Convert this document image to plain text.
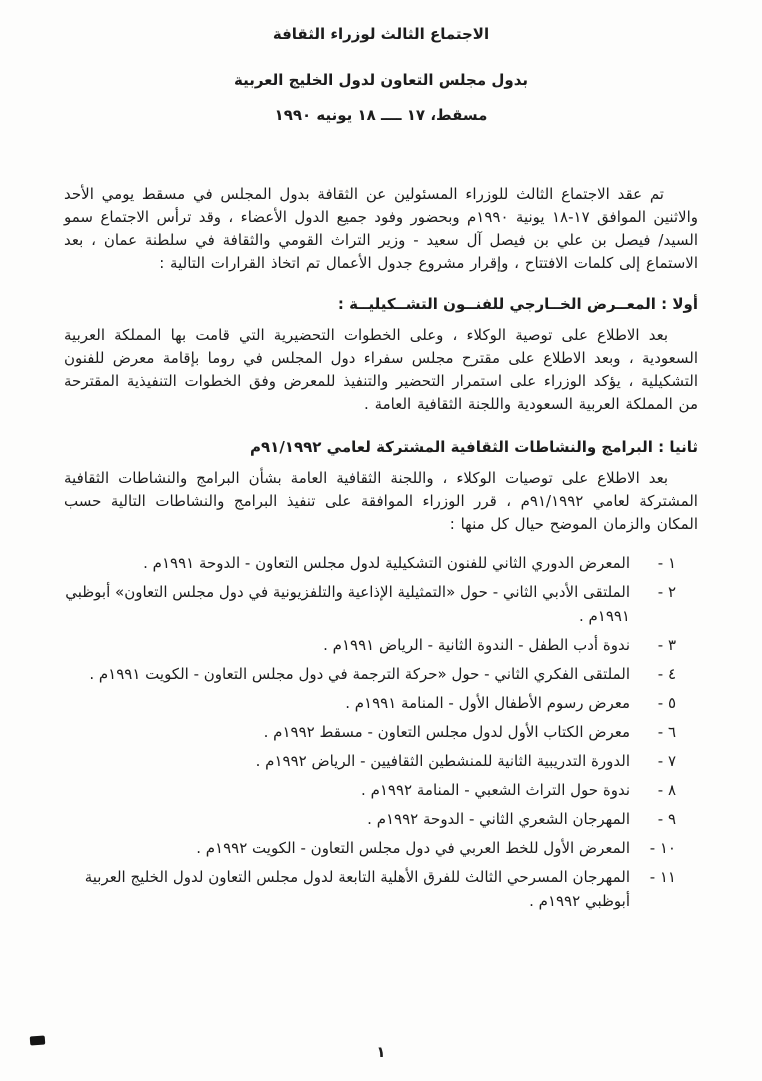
الاجتماع الثالث لوزراء الثقافة
بدول مجلس التعاون لدول الخليج العربية
مسقط، ١٧ ــــ ١٨ يونيه ١٩٩٠

تم عقد الاجتماع الثالث للوزراء المسئولين عن الثقافة بدول المجلس في مسقط يومي الأحد والاثنين الموافق ١٧-١٨ يونية ١٩٩٠م وبحضور وفود جميع الدول الأعضاء ، وقد ترأس الاجتماع سمو السيد/ فيصل بن علي بن فيصل آل سعيد - وزير التراث القومي والثقافة في سلطنة عمان ، بعد الاستماع إلى كلمات الافتتاح ، وإقرار مشروع جدول الأعمال تم اتخاذ القرارات التالية :

أولا : المعــرض الخــارجي للفنــون التشــكيليــة :

بعد الاطلاع على توصية الوكلاء ، وعلى الخطوات التحضيرية التي قامت بها المملكة العربية السعودية ، وبعد الاطلاع على مقترح مجلس سفراء دول المجلس في روما بإقامة معرض للفنون التشكيلية ، يؤكد الوزراء على استمرار التحضير والتنفيذ للمعرض وفق الخطوات التنفيذية المقترحة من المملكة العربية السعودية واللجنة الثقافية العامة .

ثانيا : البرامج والنشاطات الثقافية المشتركة لعامي ٩١/١٩٩٢م

بعد الاطلاع على توصيات الوكلاء ، واللجنة الثقافية العامة بشأن البرامج والنشاطات الثقافية المشتركة لعامي ٩١/١٩٩٢م ، قرر الوزراء الموافقة على تنفيذ البرامج والنشاطات التالية حسب المكان والزمان الموضح حيال كل منها :

١ -
المعرض الدوري الثاني للفنون التشكيلية لدول مجلس التعاون - الدوحة ١٩٩١م .
٢ -
الملتقى الأدبي الثاني - حول «التمثيلية الإذاعية والتلفزيونية في دول مجلس التعاون» أبوظبي ١٩٩١م .
٣ -
ندوة أدب الطفل - الندوة الثانية - الرياض ١٩٩١م .
٤ -
الملتقى الفكري الثاني - حول «حركة الترجمة في دول مجلس التعاون - الكويت ١٩٩١م .
٥ -
معرض رسوم الأطفال الأول - المنامة ١٩٩١م .
٦ -
معرض الكتاب الأول لدول مجلس التعاون - مسقط ١٩٩٢م .
٧ -
الدورة التدريبية الثانية للمنشطين الثقافيين - الرياض ١٩٩٢م .
٨ -
ندوة حول التراث الشعبي - المنامة ١٩٩٢م .
٩ -
المهرجان الشعري الثاني - الدوحة ١٩٩٢م .
١٠ -
المعرض الأول للخط العربي في دول مجلس التعاون - الكويت ١٩٩٢م .
١١ -
المهرجان المسرحي الثالث للفرق الأهلية التابعة لدول مجلس التعاون لدول الخليج العربية أبوظبي ١٩٩٢م .
١
